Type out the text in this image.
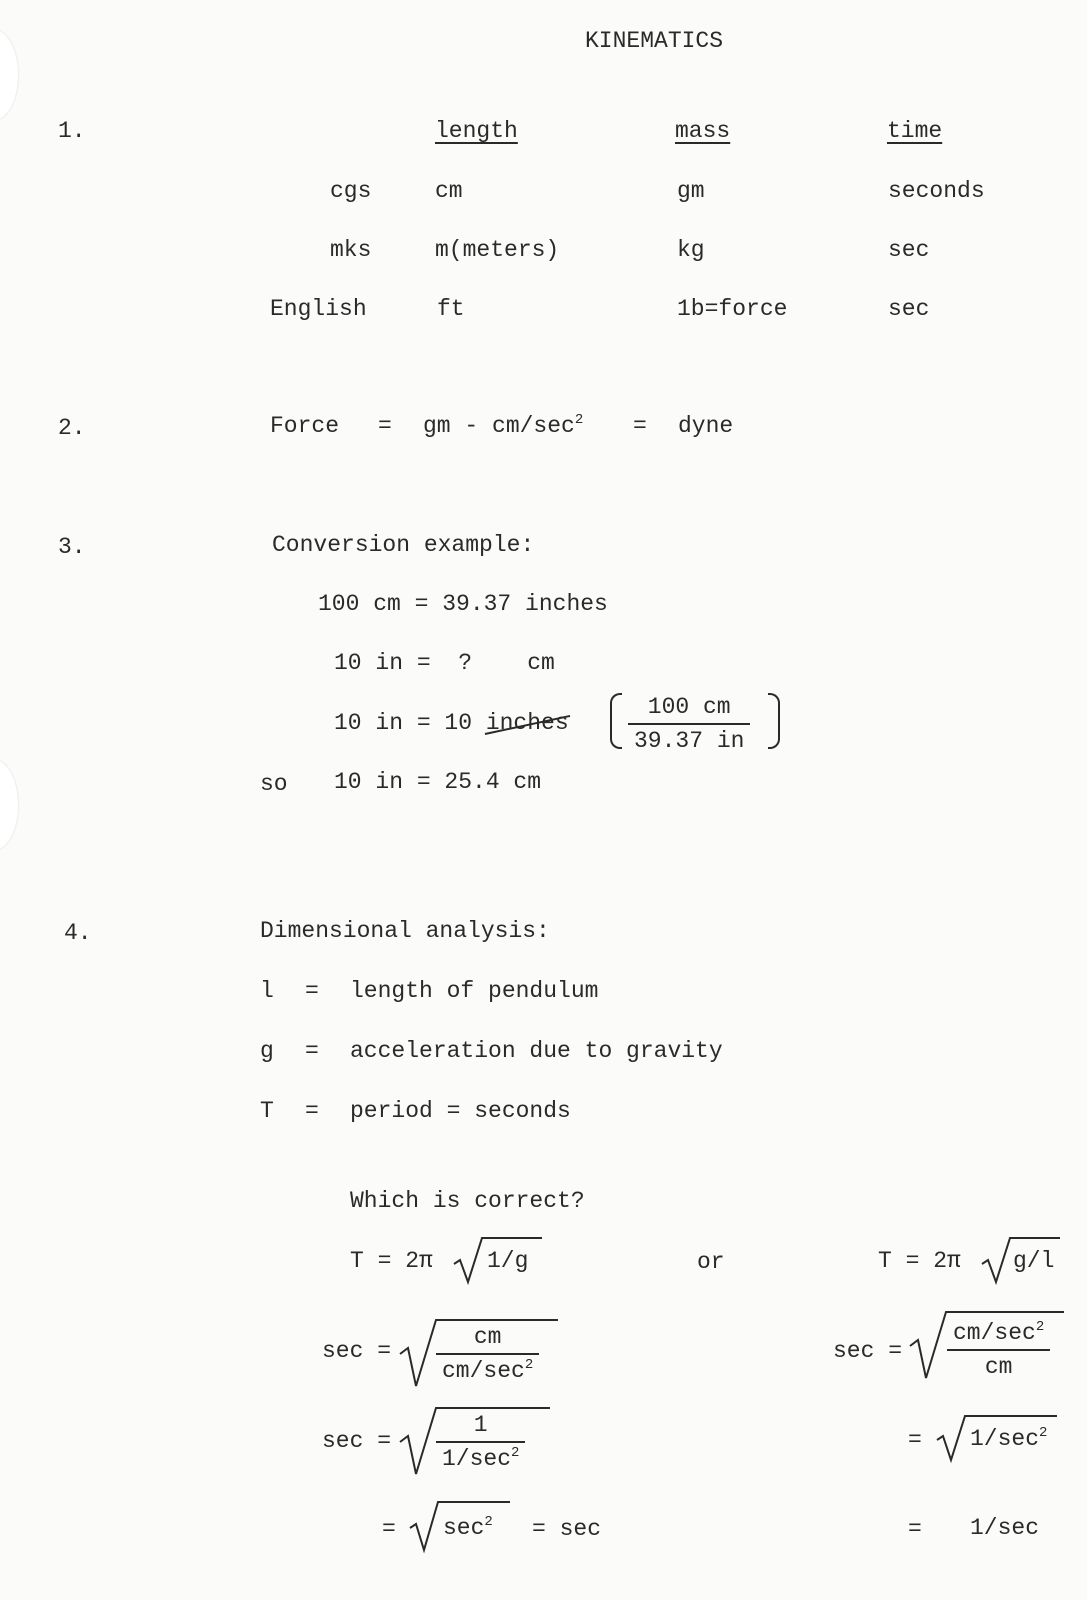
KINEMATICS
1.	length	mass	time
cgs	cm	gm	seconds
mks	m(meters)	kg	sec
English	ft	1b=force	sec
2.	Force = gm - $cm/\sec^2$ = dyne
3.	Conversion example:
100 cm = 39.37 inches
10 in =  ?    cm
10 in = 10 inches	$\frac{100 cm}{39.37 in}$
so 10 in = 25.4 cm
4.	Dimensional analysis:
l = length of pendulum
g = acceleration due to gravity
T = period = seconds
Which is correct?
T = 2π 1/g	or	T = 2π g/l
sec =
cm
$cm/\sec^2$
sec =
$cm/\sec^2$
cm
sec =
1
$1/\sec^2$	= $1/\sec^2$
= $\sec^2 = \sec$	= 1/sec
